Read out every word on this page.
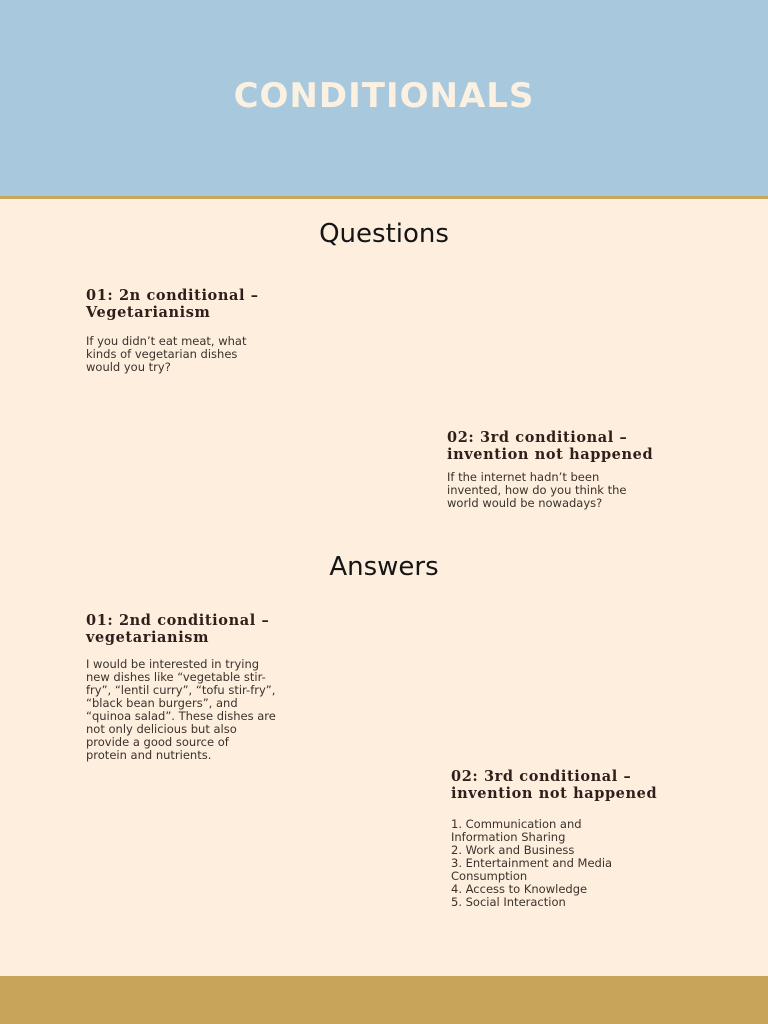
CONDITIONALS
Questions
01: 2n conditional –
Vegetarianism
If you didn’t eat meat, what
kinds of vegetarian dishes
would you try?
02: 3rd conditional –
invention not happened
If the internet hadn’t been
invented, how do you think the
world would be nowadays?
Answers
01: 2nd conditional –
vegetarianism
I would be interested in trying
new dishes like “vegetable stir-
fry”, “lentil curry”, “tofu stir-fry”,
“black bean burgers”, and
“quinoa salad”. These dishes are
not only delicious but also
provide a good source of
protein and nutrients.
02: 3rd conditional –
invention not happened
1. Communication and
Information Sharing
2. Work and Business
3. Entertainment and Media
Consumption
4. Access to Knowledge
5. Social Interaction
